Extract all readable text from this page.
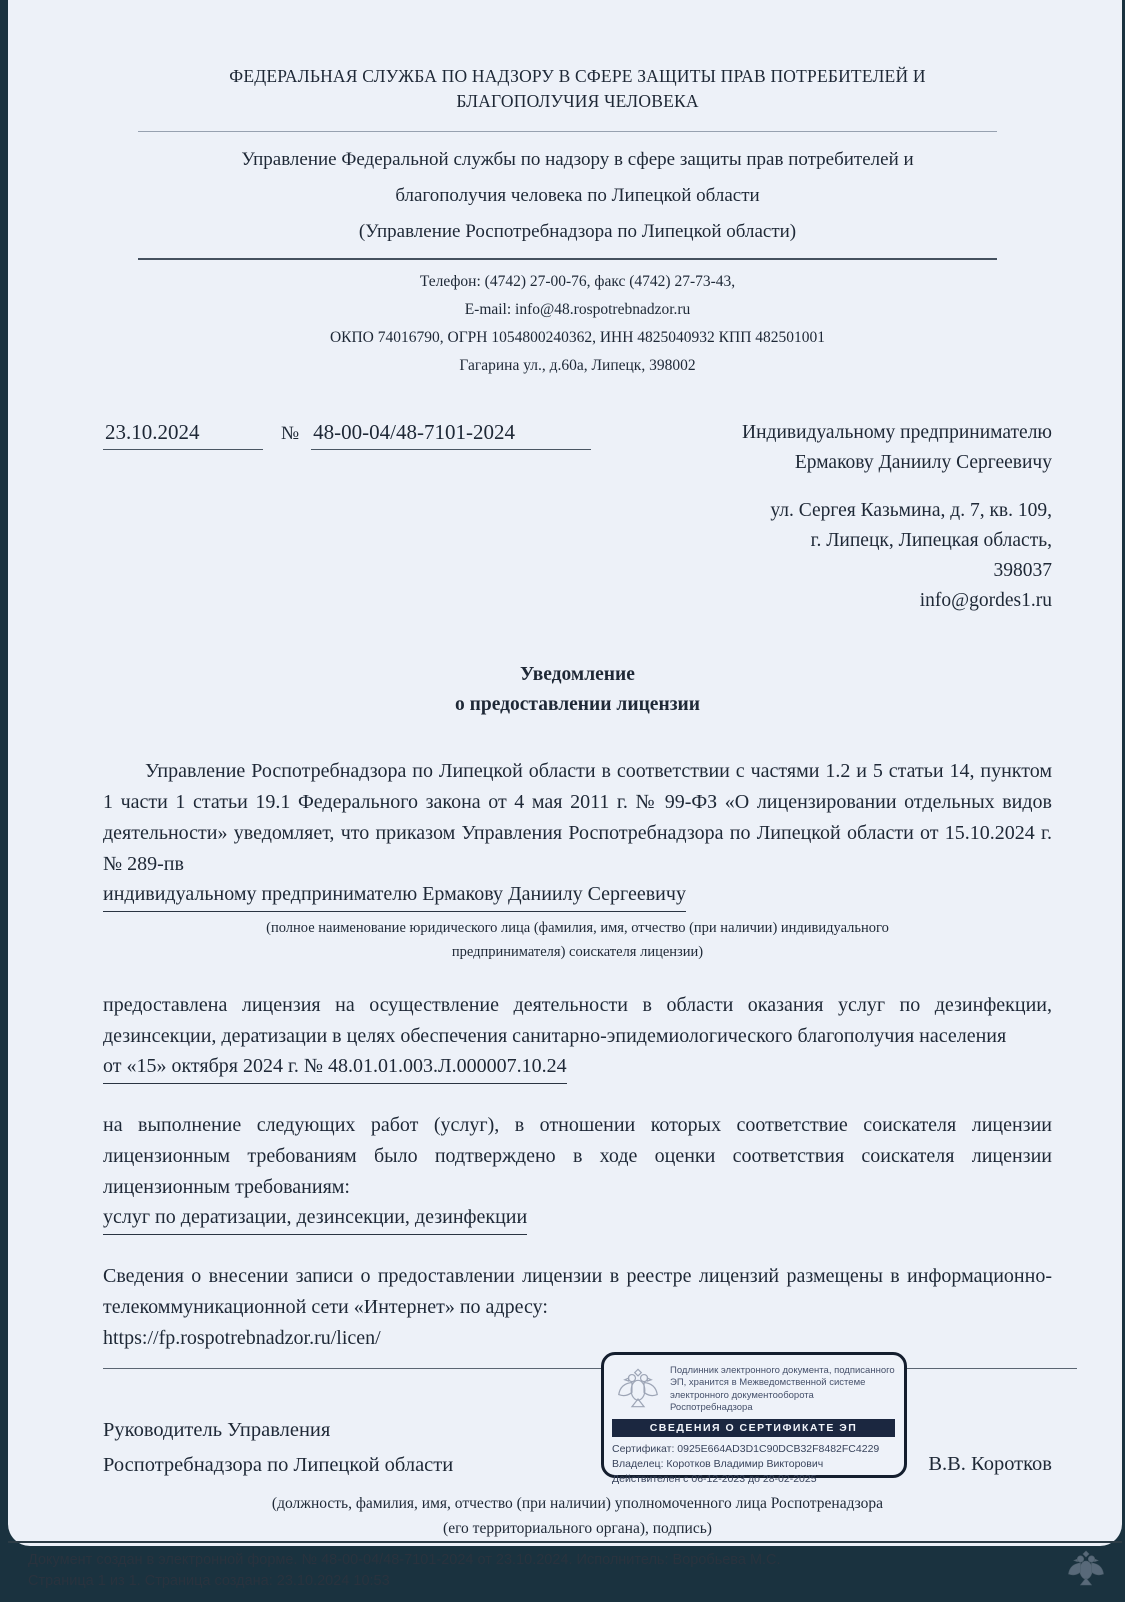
ФЕДЕРАЛЬНАЯ СЛУЖБА ПО НАДЗОРУ В СФЕРЕ ЗАЩИТЫ ПРАВ ПОТРЕБИТЕЛЕЙ И БЛАГОПОЛУЧИЯ ЧЕЛОВЕКА
Управление Федеральной службы по надзору в сфере защиты прав потребителей и
благополучия человека по Липецкой области
(Управление Роспотребнадзора по Липецкой области)
Телефон: (4742) 27-00-76, факс (4742) 27-73-43,
E-mail: info@48.rospotrebnadzor.ru
ОКПО 74016790, ОГРН 1054800240362, ИНН 4825040932 КПП 482501001
Гагарина ул., д.60а, Липецк, 398002
23.10.2024	№ 48-00-04/48-7101-2024	Индивидуальному предпринимателю
Ермакову Даниилу Сергеевичу
ул. Сергея Казьмина, д. 7, кв. 109,
г. Липецк, Липецкая область,
398037
info@gordes1.ru
Уведомление
о предоставлении лицензии
Управление Роспотребнадзора по Липецкой области в соответствии с частями 1.2 и 5 статьи 14, пунктом 1 части 1 статьи 19.1 Федерального закона от 4 мая 2011 г. № 99-ФЗ «О лицензировании отдельных видов деятельности» уведомляет, что приказом Управления Роспотребнадзора по Липецкой области от 15.10.2024 г. № 289-пв
индивидуальному предпринимателю Ермакову Даниилу Сергеевичу
(полное наименование юридического лица (фамилия, имя, отчество (при наличии) индивидуального
предпринимателя) соискателя лицензии)
предоставлена лицензия на осуществление деятельности в области оказания услуг по дезинфекции, дезинсекции, дератизации в целях обеспечения санитарно-эпидемиологического благополучия населения
от «15» октября 2024 г. № 48.01.01.003.Л.000007.10.24
на выполнение следующих работ (услуг), в отношении которых соответствие соискателя лицензии лицензионным требованиям было подтверждено в ходе оценки соответствия соискателя лицензии лицензионным требованиям:
услуг по дератизации, дезинсекции, дезинфекции
Сведения о внесении записи о предоставлении лицензии в реестре лицензий размещены в информационно-телекоммуникационной сети «Интернет» по адресу:
https://fp.rospotrebnadzor.ru/licen/
Подлинник электронного документа, подписанного ЭП, хранится в Межведомственной системе электронного документооборота Роспотребнадзора
СВЕДЕНИЯ О СЕРТИФИКАТЕ ЭП
Сертификат: 0925E664AD3D1C90DCB32F8482FC4229
Владелец: Коротков Владимир Викторович
Действителен с 06-12-2023 до 28-02-2025
Руководитель Управления
Роспотребнадзора по Липецкой области	В.В. Коротков
(должность, фамилия, имя, отчество (при наличии) уполномоченного лица Роспотренадзора
(его территориального органа), подпись)
Документ создан в электронной форме. № 48-00-04/48-7101-2024 от 23.10.2024. Исполнитель: Воробьева М.С.
Страница 1 из 1. Страница создана: 23.10.2024 10:53
